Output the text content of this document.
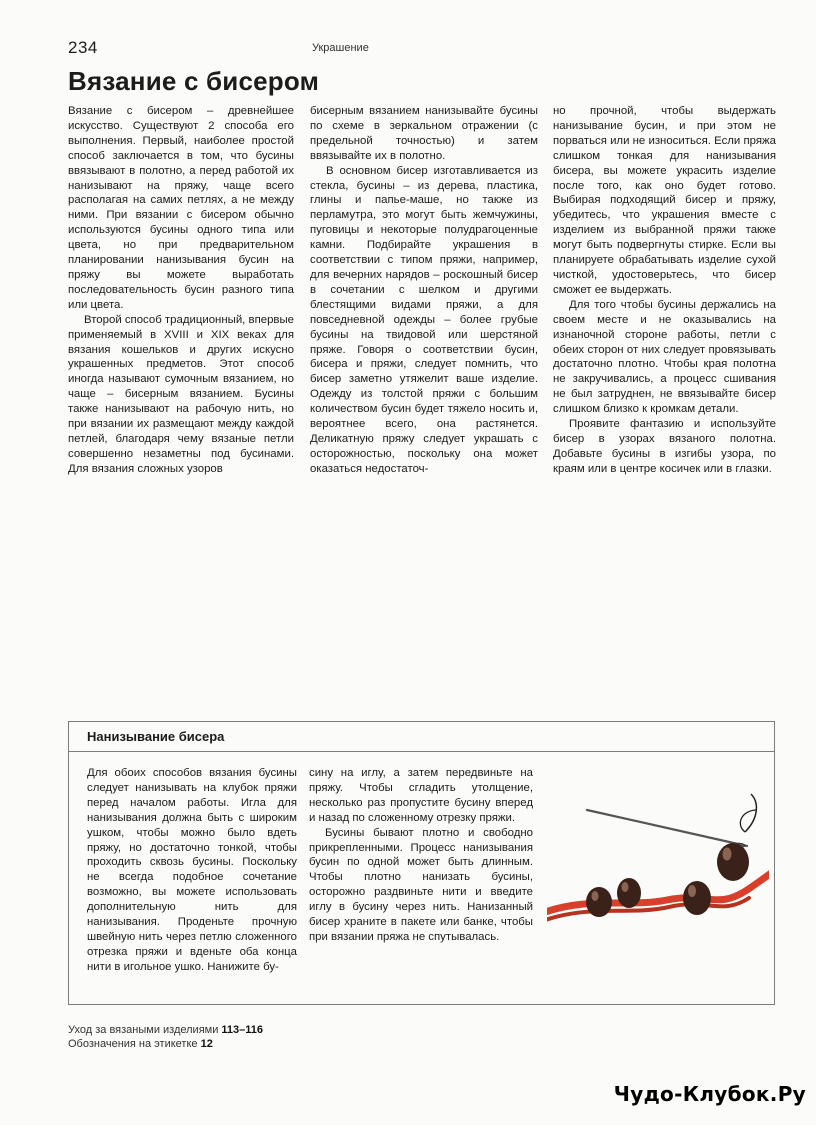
234	Украшение
Вязание с бисером

Вязание с бисером – древнейшее искусство. Существуют 2 способа его выполнения. Первый, наиболее простой способ заключается в том, что бусины ввязывают в полотно, а перед работой их нанизывают на пряжу, чаще всего располагая на самих петлях, а не между ними. При вязании с бисером обычно используются бусины одного типа или цвета, но при предварительном планировании нанизывания бусин на пряжу вы можете выработать последовательность бусин разного типа или цвета.

Второй способ традиционный, впервые применяемый в XVIII и XIX веках для вязания кошельков и других искусно украшенных предметов. Этот способ иногда называют сумочным вязанием, но чаще – бисерным вязанием. Бусины также нанизывают на рабочую нить, но при вязании их размещают между каждой петлей, благодаря чему вязаные петли совершенно незаметны под бусинами. Для вязания сложных узоров

бисерным вязанием нанизывайте бусины по схеме в зеркальном отражении (с предельной точностью) и затем ввязывайте их в полотно.

В основном бисер изготавливается из стекла, бусины – из дерева, пластика, глины и папье-маше, но также из перламутра, это могут быть жемчужины, пуговицы и некоторые полудрагоценные камни. Подбирайте украшения в соответствии с типом пряжи, например, для вечерних нарядов – роскошный бисер в сочетании с шелком и другими блестящими видами пряжи, а для повседневной одежды – более грубые бусины на твидовой или шерстяной пряже. Говоря о соответствии бусин, бисера и пряжи, следует помнить, что бисер заметно утяжелит ваше изделие. Одежду из толстой пряжи с большим количеством бусин будет тяжело носить и, вероятнее всего, она растянется. Деликатную пряжу следует украшать с осторожностью, поскольку она может оказаться недостаточ-

но прочной, чтобы выдержать нанизывание бусин, и при этом не порваться или не износиться. Если пряжа слишком тонкая для нанизывания бисера, вы можете украсить изделие после того, как оно будет готово. Выбирая подходящий бисер и пряжу, убедитесь, что украшения вместе с изделием из выбранной пряжи также могут быть подвергнуты стирке. Если вы планируете обрабатывать изделие сухой чисткой, удостоверьтесь, что бисер сможет ее выдержать.

Для того чтобы бусины держались на своем месте и не оказывались на изнаночной стороне работы, петли с обеих сторон от них следует провязывать достаточно плотно. Чтобы края полотна не закручивались, а процесс сшивания не был затруднен, не ввязывайте бисер слишком близко к кромкам детали.

Проявите фантазию и используйте бисер в узорах вязаного полотна. Добавьте бусины в изгибы узора, по краям или в центре косичек или в глазки.

Нанизывание бисера

Для обоих способов вязания бусины следует нанизывать на клубок пряжи перед началом работы. Игла для нанизывания должна быть с широким ушком, чтобы можно было вдеть пряжу, но достаточно тонкой, чтобы проходить сквозь бусины. Поскольку не всегда подобное сочетание возможно, вы можете использовать дополнительную нить для нанизывания. Проденьте прочную швейную нить через петлю сложенного отрезка пряжи и вденьте оба конца нити в игольное ушко. Нанижите бу-

сину на иглу, а затем передвиньте на пряжу. Чтобы сгладить утолщение, несколько раз пропустите бусину вперед и назад по сложенному отрезку пряжи.

Бусины бывают плотно и свободно прикрепленными. Процесс нанизывания бусин по одной может быть длинным. Чтобы плотно нанизать бусины, осторожно раздвиньте нити и введите иглу в бусину через нить. Нанизанный бисер храните в пакете или банке, чтобы при вязании пряжа не спутывалась.

Уход за вязаными изделиями 113–116
Обозначения на этикетке 12
Чудо-Клубок.Ру
